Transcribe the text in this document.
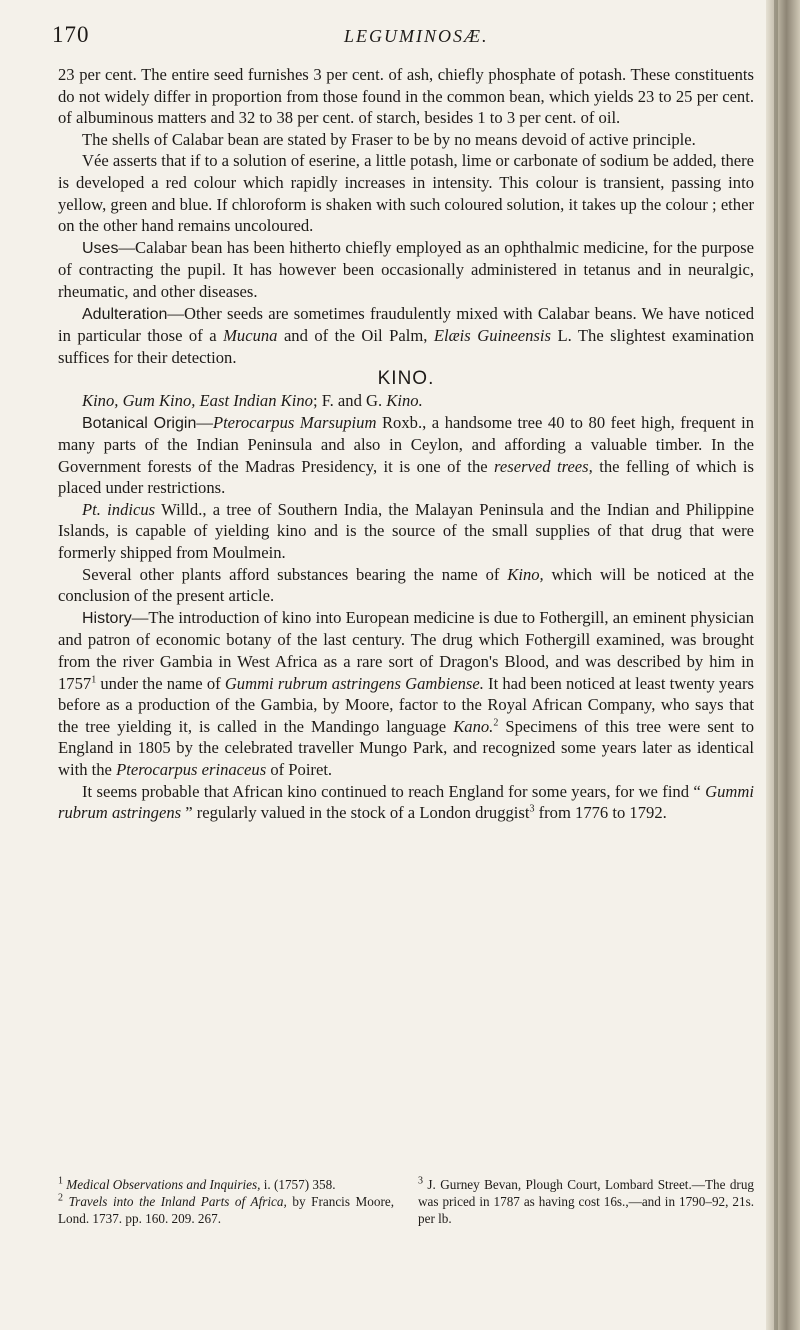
170	LEGUMINOSÆ.

23 per cent. The entire seed furnishes 3 per cent. of ash, chiefly phosphate of potash. These constituents do not widely differ in proportion from those found in the common bean, which yields 23 to 25 per cent. of albuminous matters and 32 to 38 per cent. of starch, besides 1 to 3 per cent. of oil.

The shells of Calabar bean are stated by Fraser to be by no means devoid of active principle.

Vée asserts that if to a solution of eserine, a little potash, lime or carbonate of sodium be added, there is developed a red colour which rapidly increases in intensity. This colour is transient, passing into yellow, green and blue. If chloroform is shaken with such coloured solution, it takes up the colour ; ether on the other hand remains uncoloured.

Uses—Calabar bean has been hitherto chiefly employed as an ophthalmic medicine, for the purpose of contracting the pupil. It has however been occasionally administered in tetanus and in neuralgic, rheumatic, and other diseases.

Adulteration—Other seeds are sometimes fraudulently mixed with Calabar beans. We have noticed in particular those of a Mucuna and of the Oil Palm, Elæis Guineensis L. The slightest examination suffices for their detection.

KINO.

Kino, Gum Kino, East Indian Kino; F. and G. Kino.

Botanical Origin—Pterocarpus Marsupium Roxb., a handsome tree 40 to 80 feet high, frequent in many parts of the Indian Peninsula and also in Ceylon, and affording a valuable timber. In the Government forests of the Madras Presidency, it is one of the reserved trees, the felling of which is placed under restrictions.

Pt. indicus Willd., a tree of Southern India, the Malayan Peninsula and the Indian and Philippine Islands, is capable of yielding kino and is the source of the small supplies of that drug that were formerly shipped from Moulmein.

Several other plants afford substances bearing the name of Kino, which will be noticed at the conclusion of the present article.

History—The introduction of kino into European medicine is due to Fothergill, an eminent physician and patron of economic botany of the last century. The drug which Fothergill examined, was brought from the river Gambia in West Africa as a rare sort of Dragon's Blood, and was described by him in 1757$^1$ under the name of Gummi rubrum astringens Gambiense. It had been noticed at least twenty years before as a production of the Gambia, by Moore, factor to the Royal African Company, who says that the tree yielding it, is called in the Mandingo language Kano.$^2$ Specimens of this tree were sent to England in 1805 by the celebrated traveller Mungo Park, and recognized some years later as identical with the Pterocarpus erinaceus of Poiret.

It seems probable that African kino continued to reach England for some years, for we find “ Gummi rubrum astringens ” regularly valued in the stock of a London druggist$^3$ from 1776 to 1792.

$^1$ Medical Observations and Inquiries, i. (1757) 358.

$^2$ Travels into the Inland Parts of Africa, by Francis Moore, Lond. 1737. pp. 160. 209. 267.

$^3$ J. Gurney Bevan, Plough Court, Lombard Street.—The drug was priced in 1787 as having cost 16s.,—and in 1790–92, 21s. per lb.
